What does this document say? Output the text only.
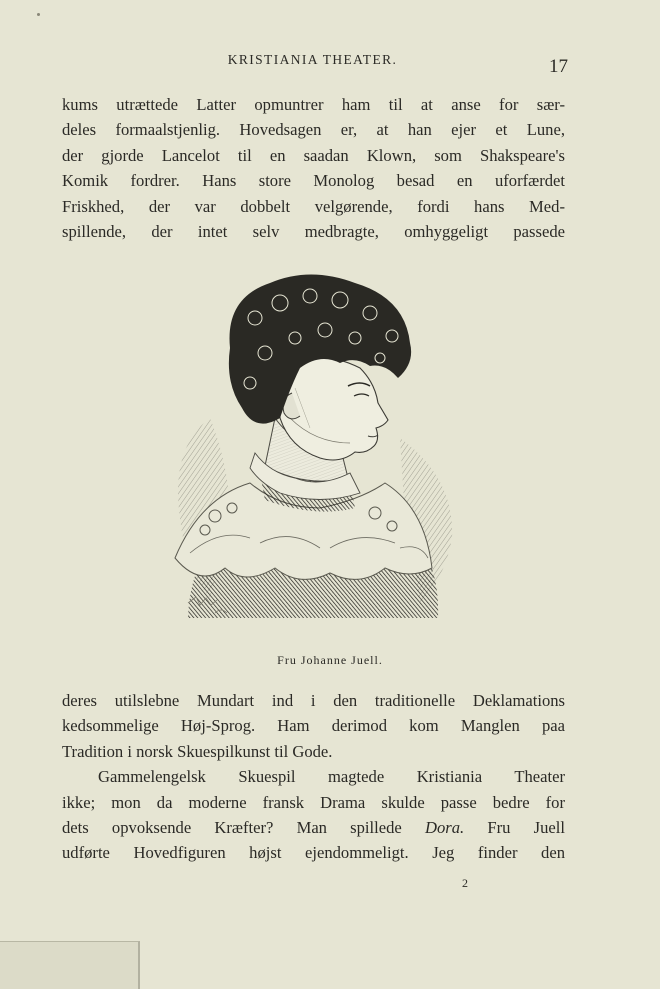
KRISTIANIA THEATER.	17
kums utrættede Latter opmuntrer ham til at anse for sær-
deles formaalstjenlig. Hovedsagen er, at han ejer et Lune,
der gjorde Lancelot til en saadan Klown, som Shakspeare's
Komik fordrer. Hans store Monolog besad en uforfærdet
Friskhed, der var dobbelt velgørende, fordi hans Med-
spillende, der intet selv medbragte, omhyggeligt passede
Fru Johanne Juell.
deres utilslebne Mundart ind i den traditionelle Deklamations
kedsommelige Høj-Sprog. Ham derimod kom Manglen paa
Tradition i norsk Skuespilkunst til Gode.
Gammelengelsk Skuespil magtede Kristiania Theater
ikke; mon da moderne fransk Drama skulde passe bedre for
dets opvoksende Kræfter? Man spillede Dora. Fru Juell
udførte Hovedfiguren højst ejendommeligt. Jeg finder den
2
